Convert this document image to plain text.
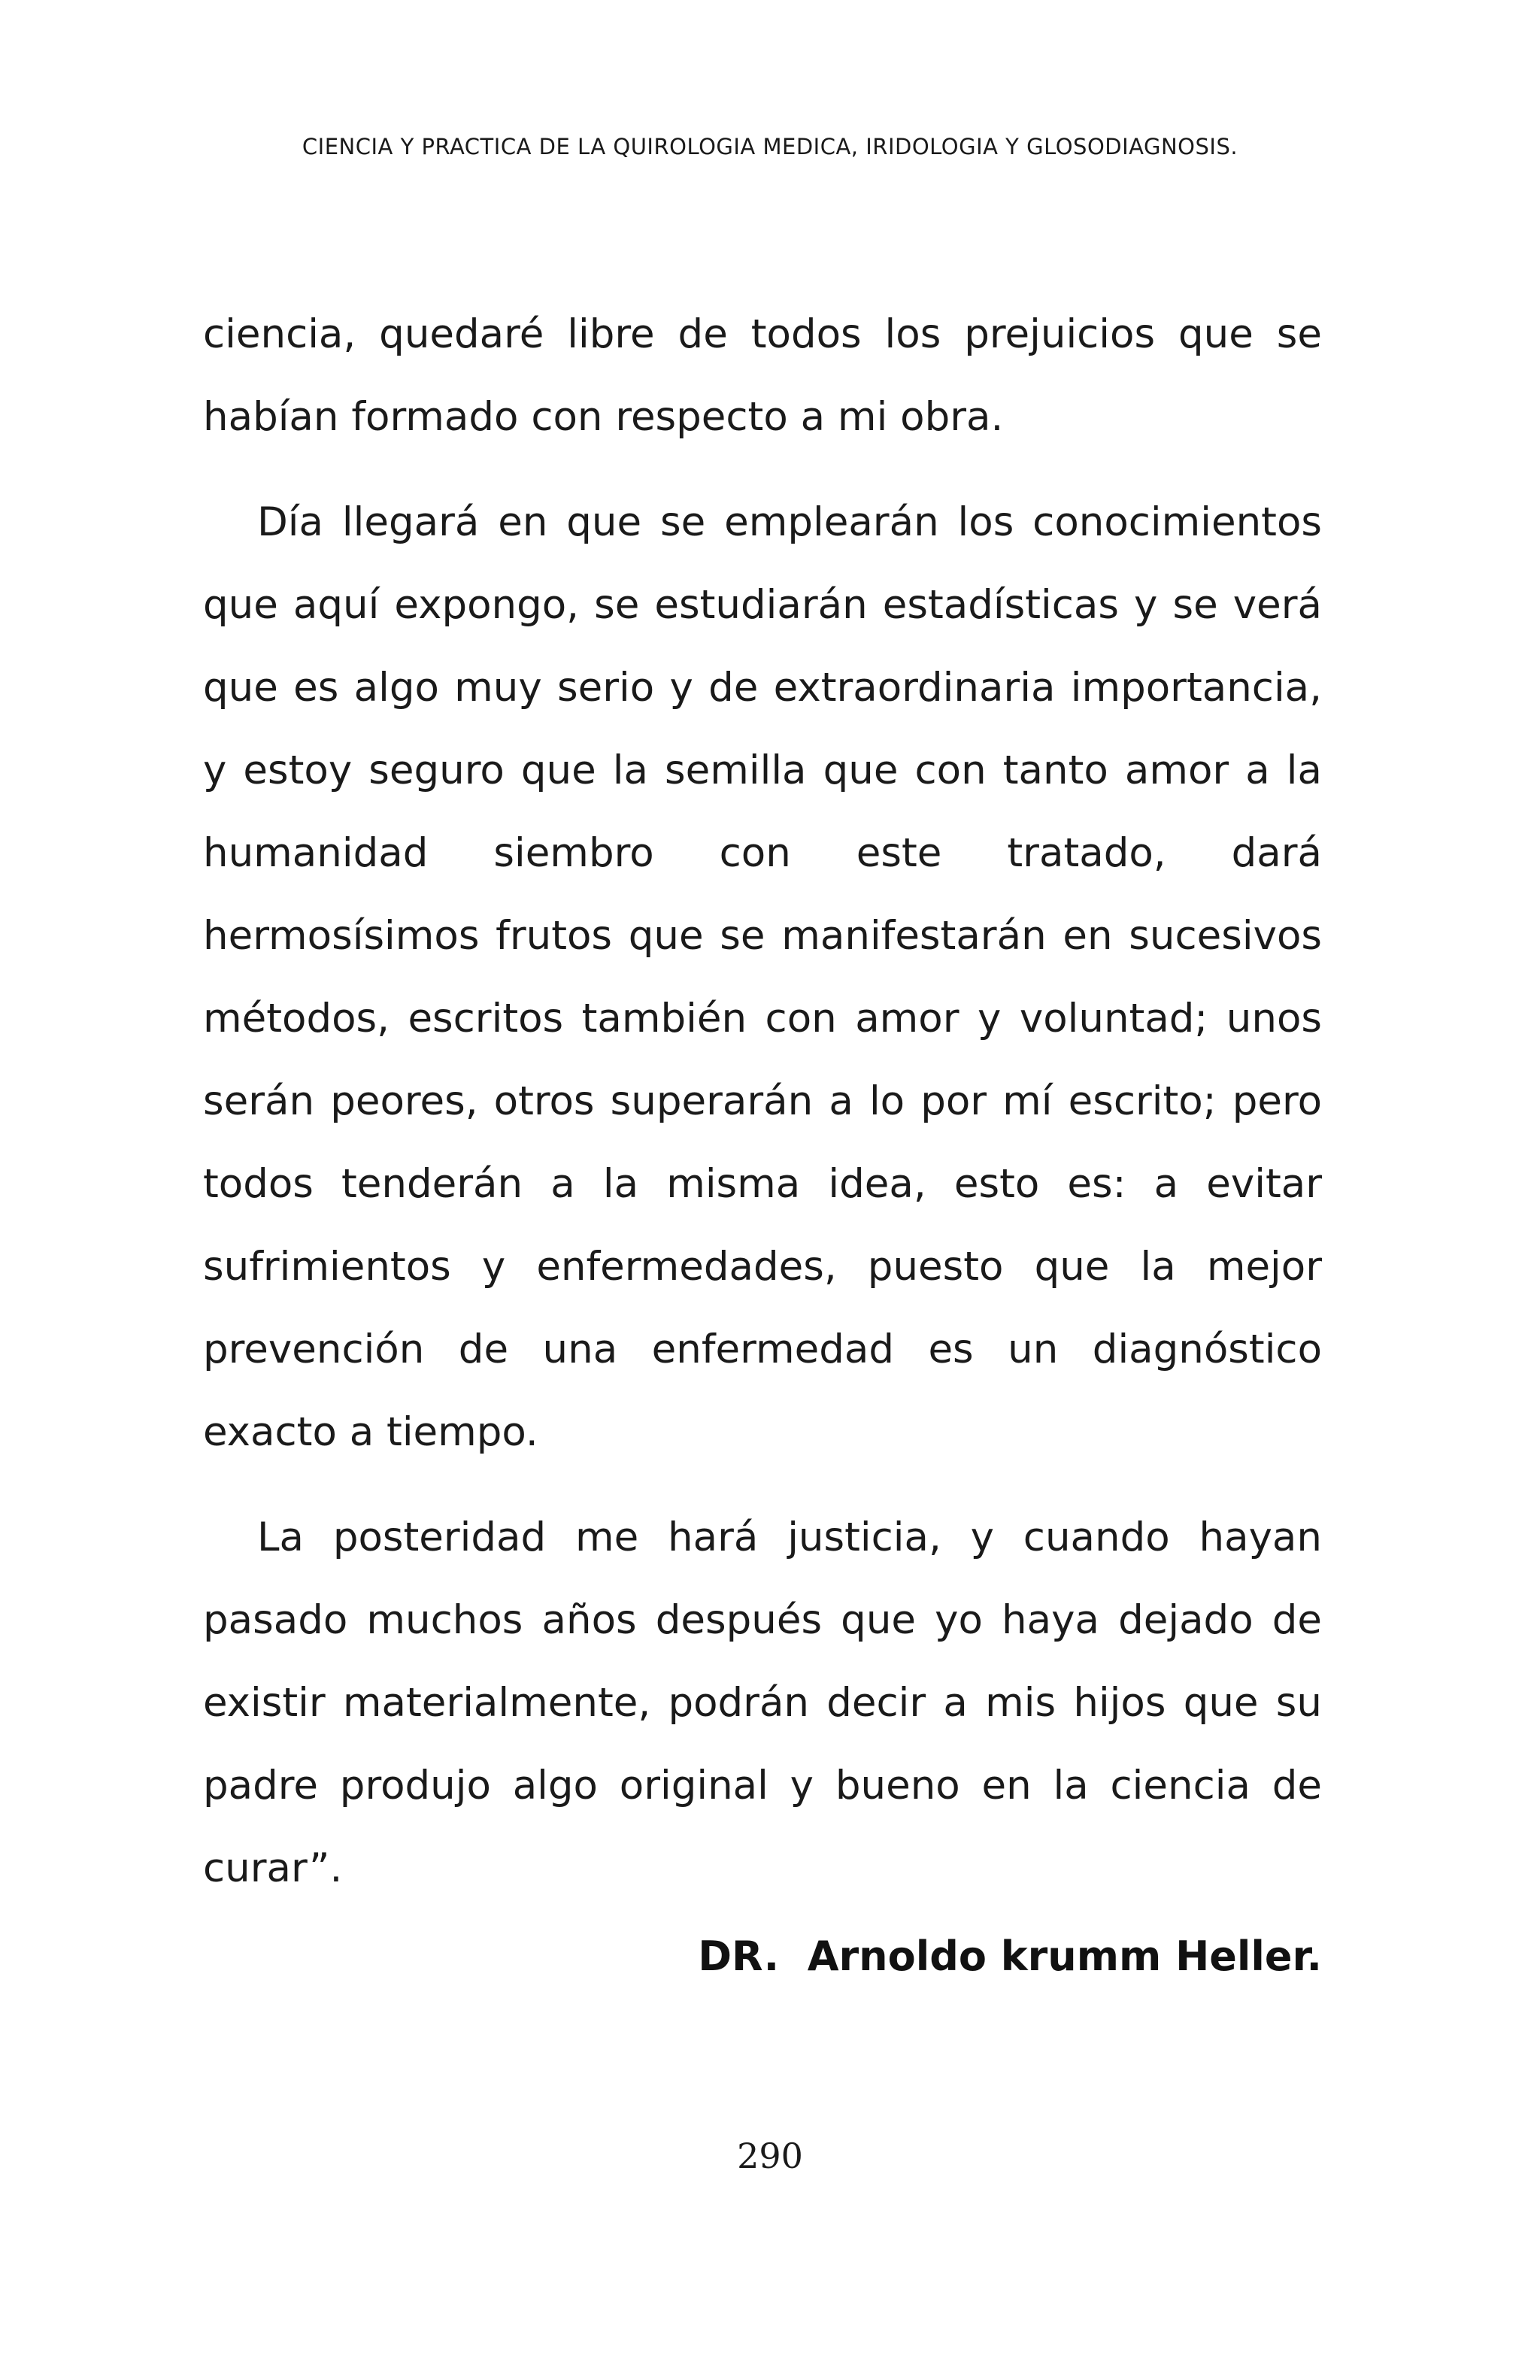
CIENCIA Y PRACTICA DE LA QUIROLOGIA MEDICA, IRIDOLOGIA Y GLOSODIAGNOSIS.

ciencia, quedaré libre de todos los prejuicios que se habían formado con respecto a mi obra.

Día llegará en que se emplearán los conocimientos que aquí expongo, se estudiarán estadísticas y se verá que es algo muy serio y de extraordinaria importancia, y estoy seguro que la semilla que con tanto amor a la humanidad siembro con este tratado, dará hermosísimos frutos que se manifestarán en sucesivos métodos, escritos también con amor y voluntad; unos serán peores, otros superarán a lo por mí escrito; pero todos tenderán a la misma idea, esto es: a evitar sufrimientos y enfermedades, puesto que la mejor prevención de una enfermedad es un diagnóstico exacto a tiempo.

La posteridad me hará justicia, y cuando hayan pasado muchos años después que yo haya dejado de existir materialmente, podrán decir a mis hijos que su padre produjo algo original y bueno en la ciencia de curar”.

DR.  Arnoldo krumm Heller.
290
